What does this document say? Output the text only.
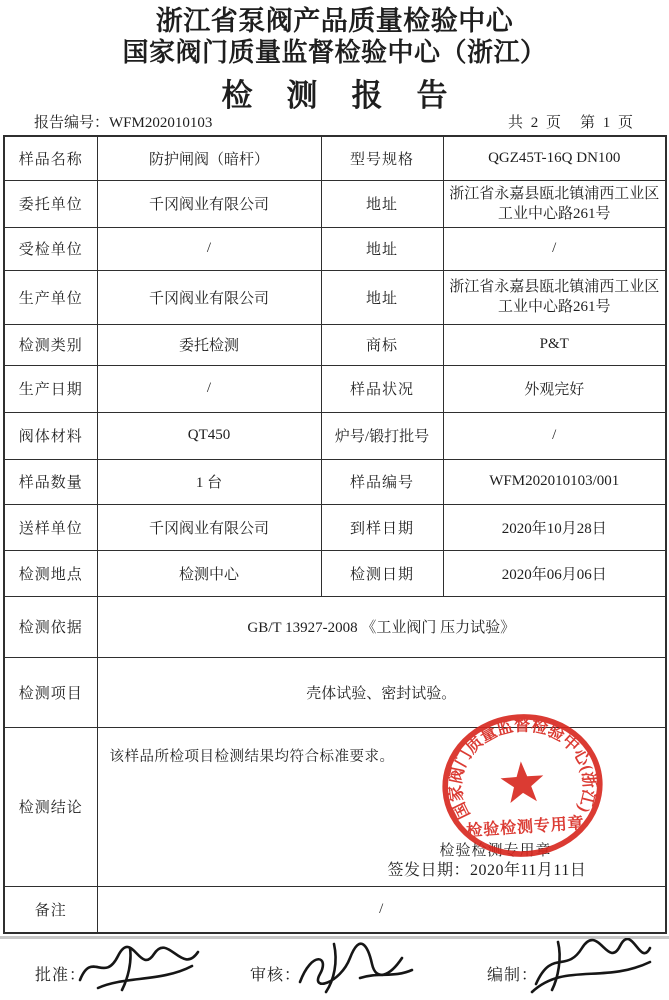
浙江省泵阀产品质量检验中心
国家阀门质量监督检验中心（浙江）
检测报告
报告编号：WFM202010103	共 2 页　第 1 页
样品名称	防护闸阀（暗杆）	型号规格	QGZ45T-16Q DN100
委托单位	千冈阀业有限公司	地址	浙江省永嘉县瓯北镇浦西工业区工业中心路261号
受检单位	/	地址	/
生产单位	千冈阀业有限公司	地址	浙江省永嘉县瓯北镇浦西工业区工业中心路261号
检测类别	委托检测	商标	P&T
生产日期	/	样品状况	外观完好
阀体材料	QT450	炉号/锻打批号	/
样品数量	1 台	样品编号	WFM202010103/001
送样单位	千冈阀业有限公司	到样日期	2020年10月28日
检测地点	检测中心	检测日期	2020年06月06日
检测依据	GB/T 13927-2008 《工业阀门 压力试验》		
检测项目	壳体试验、密封试验。		
检测结论	该样品所检项目检测结果均符合标准要求。
检验检测专用章
签发日期：2020年11月11日
国家阀门质量监督检验中心(浙江)
检验检测专用章		

备注	/		
批准：	审核：	编制：
